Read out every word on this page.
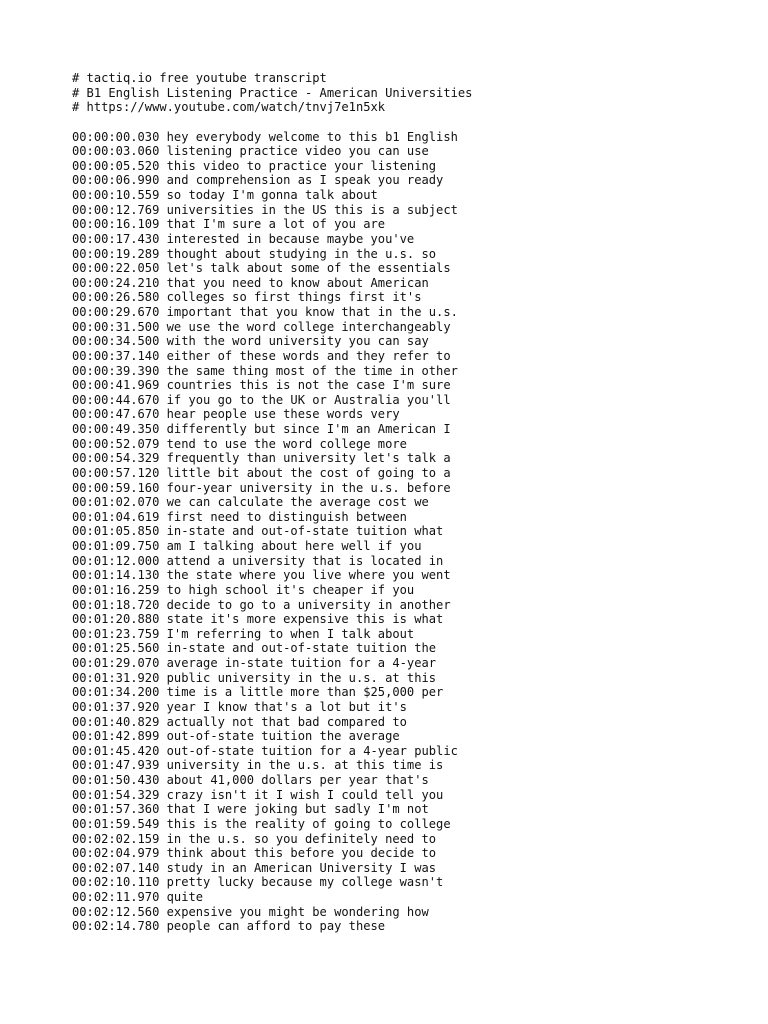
# tactiq.io free youtube transcript
# B1 English Listening Practice - American Universities
# https://www.youtube.com/watch/tnvj7e1n5xk
00:00:00.030 hey everybody welcome to this b1 English
00:00:03.060 listening practice video you can use
00:00:05.520 this video to practice your listening
00:00:06.990 and comprehension as I speak you ready
00:00:10.559 so today I'm gonna talk about
00:00:12.769 universities in the US this is a subject
00:00:16.109 that I'm sure a lot of you are
00:00:17.430 interested in because maybe you've
00:00:19.289 thought about studying in the u.s. so
00:00:22.050 let's talk about some of the essentials
00:00:24.210 that you need to know about American
00:00:26.580 colleges so first things first it's
00:00:29.670 important that you know that in the u.s.
00:00:31.500 we use the word college interchangeably
00:00:34.500 with the word university you can say
00:00:37.140 either of these words and they refer to
00:00:39.390 the same thing most of the time in other
00:00:41.969 countries this is not the case I'm sure
00:00:44.670 if you go to the UK or Australia you'll
00:00:47.670 hear people use these words very
00:00:49.350 differently but since I'm an American I
00:00:52.079 tend to use the word college more
00:00:54.329 frequently than university let's talk a
00:00:57.120 little bit about the cost of going to a
00:00:59.160 four-year university in the u.s. before
00:01:02.070 we can calculate the average cost we
00:01:04.619 first need to distinguish between
00:01:05.850 in-state and out-of-state tuition what
00:01:09.750 am I talking about here well if you
00:01:12.000 attend a university that is located in
00:01:14.130 the state where you live where you went
00:01:16.259 to high school it's cheaper if you
00:01:18.720 decide to go to a university in another
00:01:20.880 state it's more expensive this is what
00:01:23.759 I'm referring to when I talk about
00:01:25.560 in-state and out-of-state tuition the
00:01:29.070 average in-state tuition for a 4-year
00:01:31.920 public university in the u.s. at this
00:01:34.200 time is a little more than $25,000 per
00:01:37.920 year I know that's a lot but it's
00:01:40.829 actually not that bad compared to
00:01:42.899 out-of-state tuition the average
00:01:45.420 out-of-state tuition for a 4-year public
00:01:47.939 university in the u.s. at this time is
00:01:50.430 about 41,000 dollars per year that's
00:01:54.329 crazy isn't it I wish I could tell you
00:01:57.360 that I were joking but sadly I'm not
00:01:59.549 this is the reality of going to college
00:02:02.159 in the u.s. so you definitely need to
00:02:04.979 think about this before you decide to
00:02:07.140 study in an American University I was
00:02:10.110 pretty lucky because my college wasn't
00:02:11.970 quite
00:02:12.560 expensive you might be wondering how
00:02:14.780 people can afford to pay these
